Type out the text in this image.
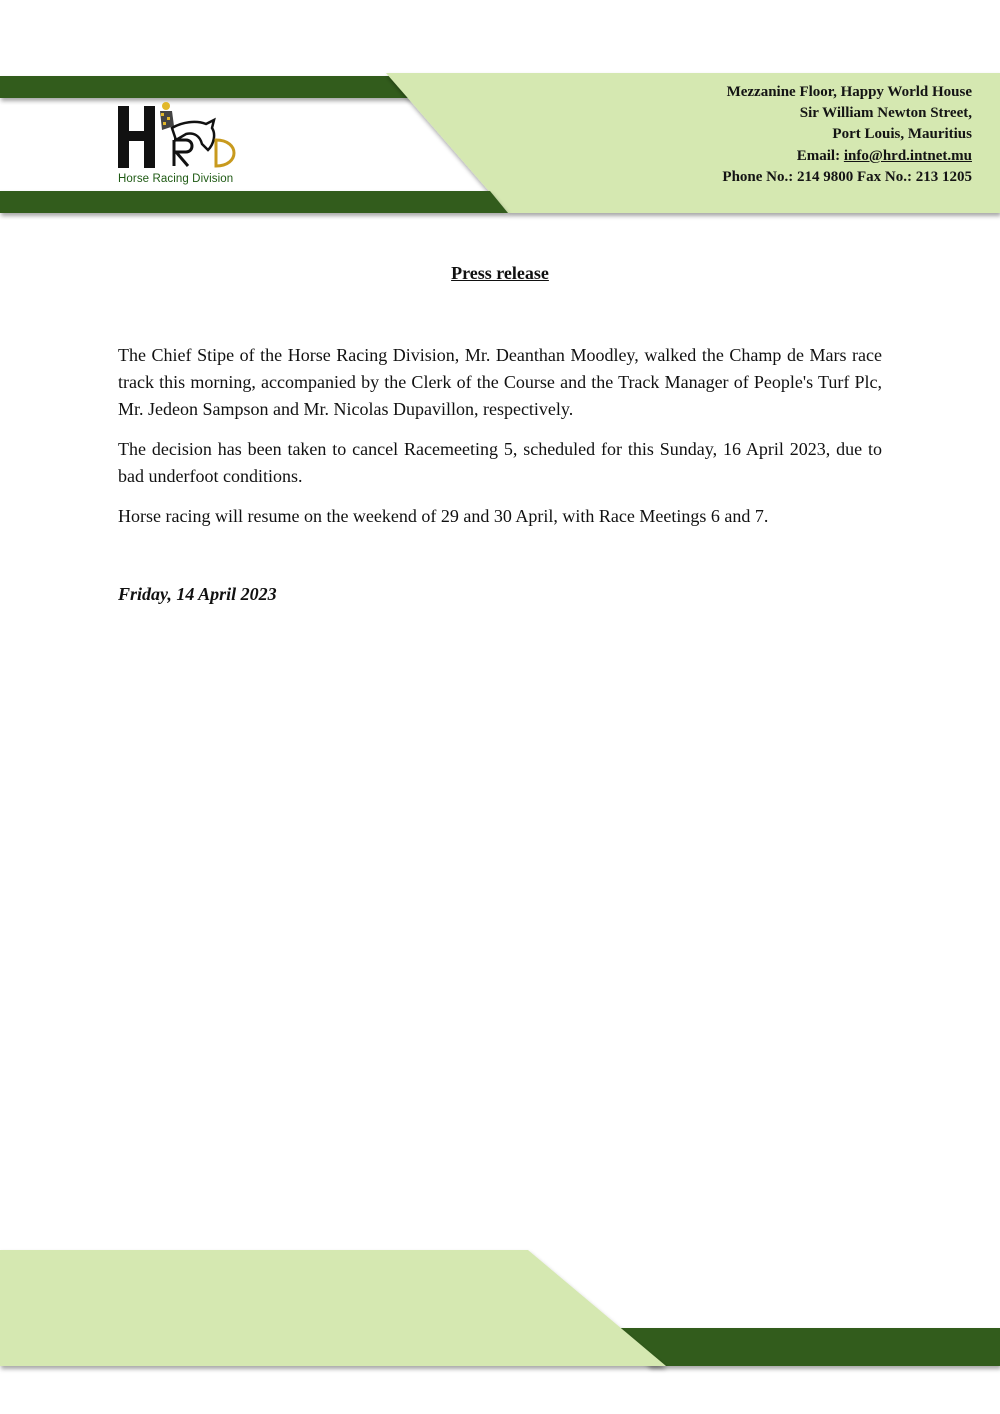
Horse Racing Division
Mezzanine Floor, Happy World House
Sir William Newton Street,
Port Louis, Mauritius
Email: info@hrd.intnet.mu
Phone No.: 214 9800 Fax No.: 213 1205
Press release

The Chief Stipe of the Horse Racing Division, Mr. Deanthan Moodley, walked the Champ de Mars race track this morning, accompanied by the Clerk of the Course and the Track Manager of People's Turf Plc, Mr. Jedeon Sampson and Mr. Nicolas Dupavillon, respectively.

The decision has been taken to cancel Racemeeting 5, scheduled for this Sunday, 16 April 2023, due to bad underfoot conditions.

Horse racing will resume on the weekend of 29 and 30 April, with Race Meetings 6 and 7.

Friday, 14 April 2023
